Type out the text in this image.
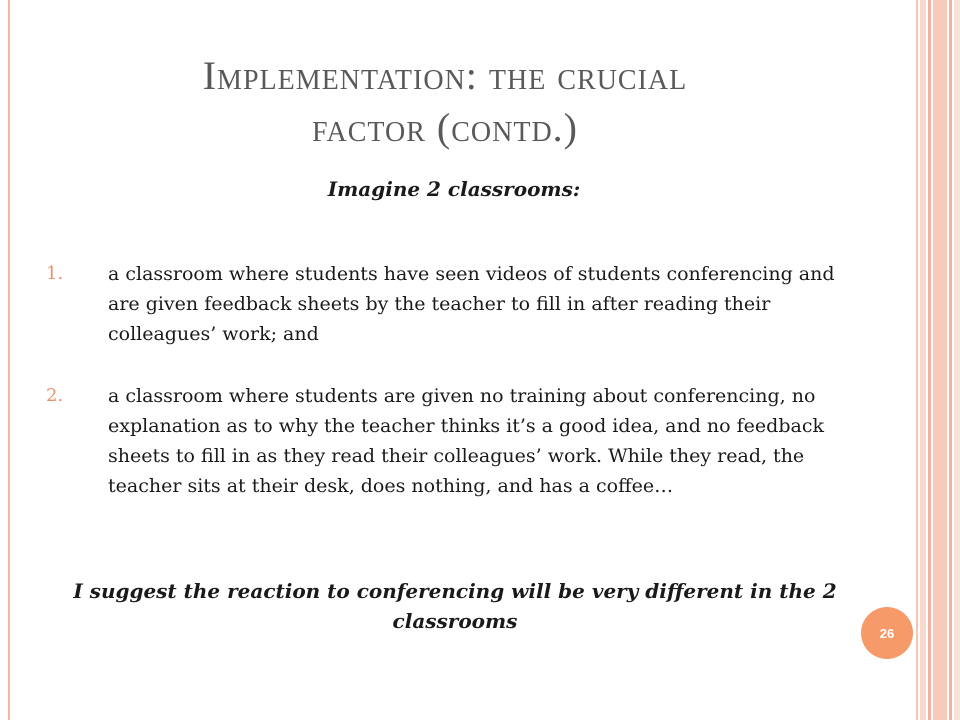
Implementation: the crucial
factor (contd.)

Imagine 2 classrooms:

1. a classroom where students have seen videos of students conferencing and are given feedback sheets by the teacher to fill in after reading their colleagues’ work; and
2. a classroom where students are given no training about conferencing, no explanation as to why the teacher thinks it’s a good idea, and no feedback sheets to fill in as they read their colleagues’ work. While they read, the teacher sits at their desk, does nothing, and has a coffee…

I suggest the reaction to conferencing will be very different in the 2 classrooms	26
